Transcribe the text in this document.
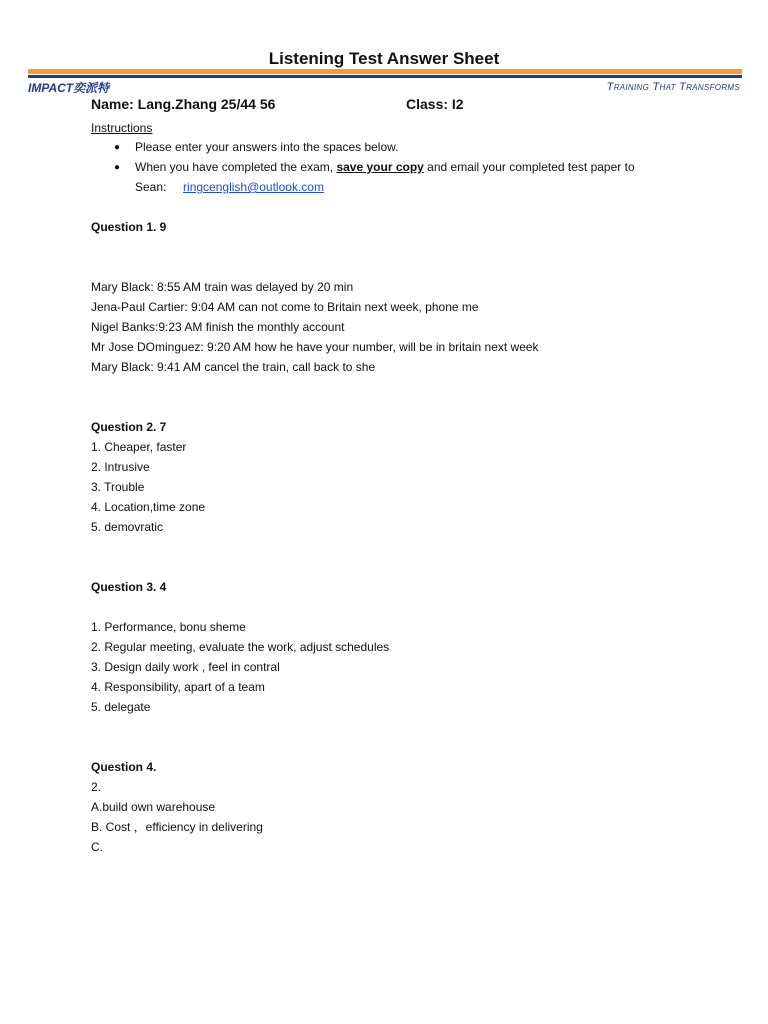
Listening Test Answer Sheet
IMPACT奕派特	Training That Transforms
Name: Lang.Zhang 25/44 56	Class: I2
Instructions
● Please enter your answers into the spaces below.
● When you have completed the exam, save your copy and email your completed test paper to
Sean: ringcenglish@outlook.com
Question 1. 9
Mary Black: 8:55 AM train was delayed by 20 min
Jena-Paul Cartier: 9:04 AM can not come to Britain next week, phone me
Nigel Banks:9:23 AM finish the monthly account
Mr Jose DOminguez: 9:20 AM how he have your number, will be in britain next week
Mary Black: 9:41 AM cancel the train, call back to she
Question 2. 7
1. Cheaper, faster
2. Intrusive
3. Trouble
4. Location,time zone
5. demovratic
Question 3. 4
1. Performance, bonu sheme
2. Regular meeting, evaluate the work, adjust schedules
3. Design daily work , feel in contral
4. Responsibility, apart of a team
5. delegate
Question 4.
2.
A.build own warehouse
B. Cost ，efficiency in delivering
C.
